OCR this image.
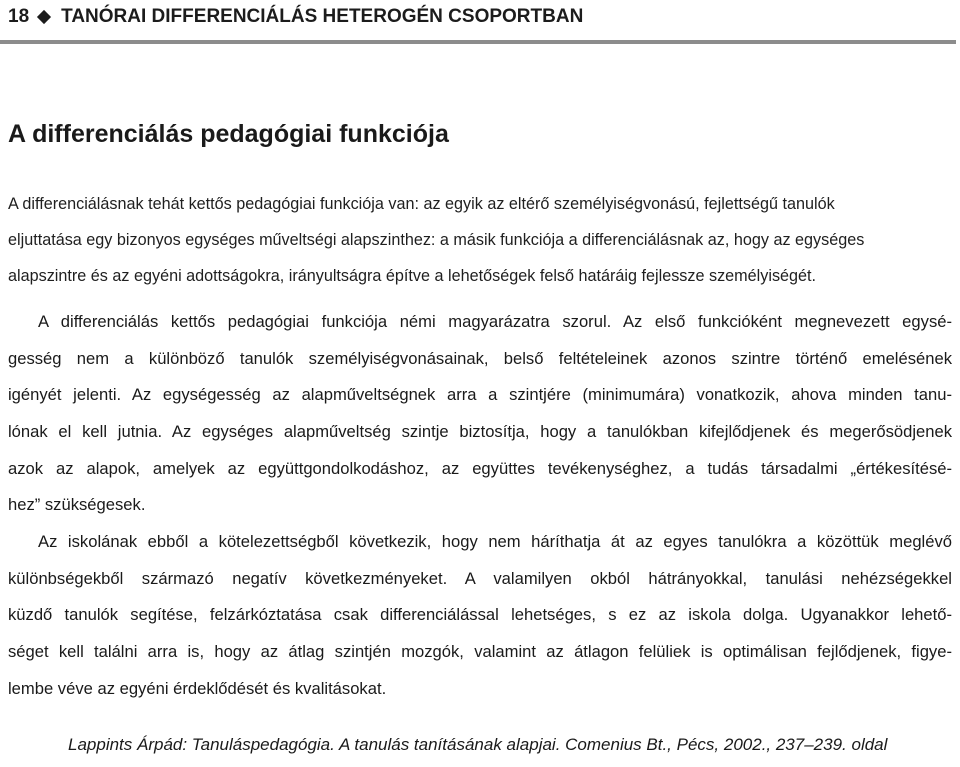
18 TANÓRAI DIFFERENCIÁLÁS HETEROGÉN CSOPORTBAN
A differenciálás pedagógiai funkciója

A differenciálásnak tehát kettős pedagógiai funkciója van: az egyik az eltérő személyiségvonású, fejlettségű tanulók
eljuttatása egy bizonyos egységes műveltségi alapszinthez: a másik funkciója a differenciálásnak az, hogy az egységes
alapszintre és az egyéni adottságokra, irányultságra építve a lehetőségek felső határáig fejlessze személyiségét.

A differenciálás kettős pedagógiai funkciója némi magyarázatra szorul. Az első funkcióként megnevezett egysé-
gesség nem a különböző tanulók személyiségvonásainak, belső feltételeinek azonos szintre történő emelésének
igényét jelenti. Az egységesség az alapműveltségnek arra a szintjére (minimumára) vonatkozik, ahova minden tanu-
lónak el kell jutnia. Az egységes alapműveltség szintje biztosítja, hogy a tanulókban kifejlődjenek és megerősödjenek
azok az alapok, amelyek az együttgondolkodáshoz, az együttes tevékenységhez, a tudás társadalmi „értékesítésé-
hez” szükségesek.

Az iskolának ebből a kötelezettségből következik, hogy nem háríthatja át az egyes tanulókra a közöttük meglévő
különbségekből származó negatív következményeket. A valamilyen okból hátrányokkal, tanulási nehézségekkel
küzdő tanulók segítése, felzárkóztatása csak differenciálással lehetséges, s ez az iskola dolga. Ugyanakkor lehető-
séget kell találni arra is, hogy az átlag szintjén mozgók, valamint az átlagon felüliek is optimálisan fejlődjenek, figye-
lembe véve az egyéni érdeklődését és kvalitásokat.

Lappints Árpád: Tanuláspedagógia. A tanulás tanításának alapjai. Comenius Bt., Pécs, 2002., 237–239. oldal
